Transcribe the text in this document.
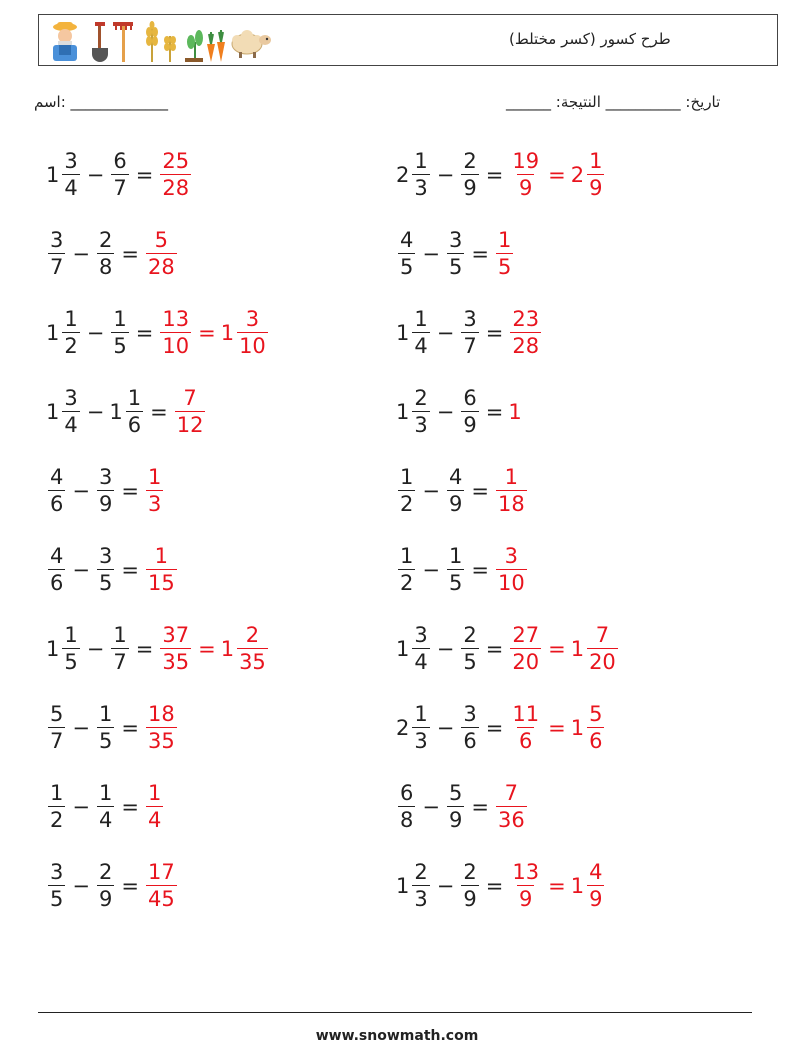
طرح كسور (كسر مختلط)
اسم: _____________	______ :تاريخ: __________ النتيجة
$1 \frac{3}{4} - \frac{6}{7} = \frac{25}{28}$	$2 \frac{1}{3} - \frac{2}{9} = \frac{19}{9} = 2 \frac{1}{9}$
$\frac{3}{7} - \frac{2}{8} = \frac{5}{28}$	$\frac{4}{5} - \frac{3}{5} = \frac{1}{5}$
$1 \frac{1}{2} - \frac{1}{5} = \frac{13}{10} = 1 \frac{3}{10}$	$1 \frac{1}{4} - \frac{3}{7} = \frac{23}{28}$
$1 \frac{3}{4} - 1 \frac{1}{6} = \frac{7}{12}$	$1 \frac{2}{3} - \frac{6}{9} = 1$
$\frac{4}{6} - \frac{3}{9} = \frac{1}{3}$	$\frac{1}{2} - \frac{4}{9} = \frac{1}{18}$
$\frac{4}{6} - \frac{3}{5} = \frac{1}{15}$	$\frac{1}{2} - \frac{1}{5} = \frac{3}{10}$
$1 \frac{1}{5} - \frac{1}{7} = \frac{37}{35} = 1 \frac{2}{35}$	$1 \frac{3}{4} - \frac{2}{5} = \frac{27}{20} = 1 \frac{7}{20}$
$\frac{5}{7} - \frac{1}{5} = \frac{18}{35}$	$2 \frac{1}{3} - \frac{3}{6} = \frac{11}{6} = 1 \frac{5}{6}$
$\frac{1}{2} - \frac{1}{4} = \frac{1}{4}$	$\frac{6}{8} - \frac{5}{9} = \frac{7}{36}$
$\frac{3}{5} - \frac{2}{9} = \frac{17}{45}$	$1 \frac{2}{3} - \frac{2}{9} = \frac{13}{9} = 1 \frac{4}{9}$
www.snowmath.com
